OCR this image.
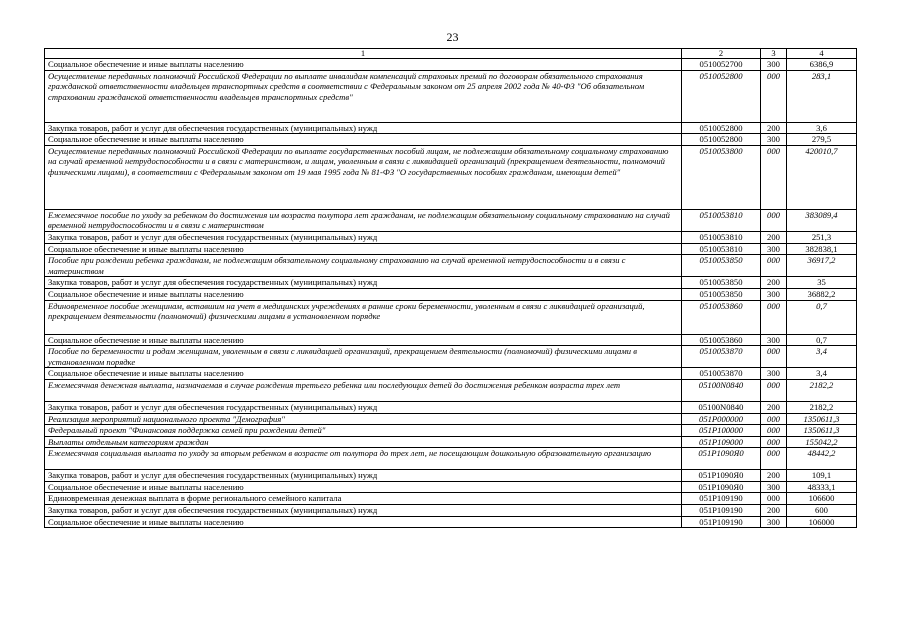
23
1	2	3	4
Социальное обеспечение и иные выплаты населению	0510052700	300	6386,9
Осуществление переданных полномочий Российской Федерации по выплате инвалидам компенсаций страховых премий по договорам обязательного страхования гражданской ответственности владельцев транспортных средств в соответствии с Федеральным законом от 25 апреля 2002 года № 40-ФЗ "Об обязательном страховании гражданской ответственности владельцев транспортных средств"	0510052800	000	283,1
Закупка товаров, работ и услуг для обеспечения государственных (муниципальных) нужд	0510052800	200	3,6
Социальное обеспечение и иные выплаты населению	0510052800	300	279,5
Осуществление переданных полномочий Российской Федерации по выплате государственных пособий лицам, не подлежащим обязательному социальному страхованию на случай временной нетрудоспособности и в связи с материнством, и лицам, уволенным в связи с ликвидацией организаций (прекращением деятельности, полномочий физическими лицами), в соответствии с Федеральным законом от 19 мая 1995 года № 81-ФЗ "О государственных пособиях гражданам, имеющим детей"	0510053800	000	420010,7
Ежемесячное пособие по уходу за ребенком до достижения им возраста полутора лет гражданам, не подлежащим обязательному социальному страхованию на случай временной нетрудоспособности и в связи с материнством	0510053810	000	383089,4
Закупка товаров, работ и услуг для обеспечения государственных (муниципальных) нужд	0510053810	200	251,3
Социальное обеспечение и иные выплаты населению	0510053810	300	382838,1
Пособие при рождении ребенка гражданам, не подлежащим обязательному социальному страхованию на случай временной нетрудоспособности и в связи с материнством	0510053850	000	36917,2
Закупка товаров, работ и услуг для обеспечения государственных (муниципальных) нужд	0510053850	200	35
Социальное обеспечение и иные выплаты населению	0510053850	300	36882,2
Единовременное пособие женщинам, вставшим на учет в медицинских учреждениях в ранние сроки беременности, уволенным в связи с ликвидацией организаций, прекращением деятельности (полномочий) физическими лицами в установленном порядке	0510053860	000	0,7
Социальное обеспечение и иные выплаты населению	0510053860	300	0,7
Пособие по беременности и родам женщинам, уволенным в связи с ликвидацией организаций, прекращением деятельности (полномочий) физическими лицами в установленном порядке	0510053870	000	3,4
Социальное обеспечение и иные выплаты населению	0510053870	300	3,4
Ежемесячная денежная выплата, назначаемая в случае рождения третьего ребенка или последующих детей до достижения ребенком возраста трех лет	05100N0840	000	2182,2
Закупка товаров, работ и услуг для обеспечения государственных (муниципальных) нужд	05100N0840	200	2182,2
Реализация мероприятий национального проекта "Демография"	051P000000	000	1350611,3
Федеральный проект "Финансовая поддержка семей при рождении детей"	051P100000	000	1350611,3
Выплаты отдельным категориям граждан	051P109000	000	155042,2
Ежемесячная социальная выплата по уходу за вторым ребенком в возрасте от полутора до трех лет, не посещающим дошкольную образовательную организацию	051P1090Я0	000	48442,2
Закупка товаров, работ и услуг для обеспечения государственных (муниципальных) нужд	051P1090Я0	200	109,1
Социальное обеспечение и иные выплаты населению	051P1090Я0	300	48333,1
Единовременная денежная выплата в форме регионального семейного капитала	051P109190	000	106600
Закупка товаров, работ и услуг для обеспечения государственных (муниципальных) нужд	051P109190	200	600
Социальное обеспечение и иные выплаты населению	051P109190	300	106000
